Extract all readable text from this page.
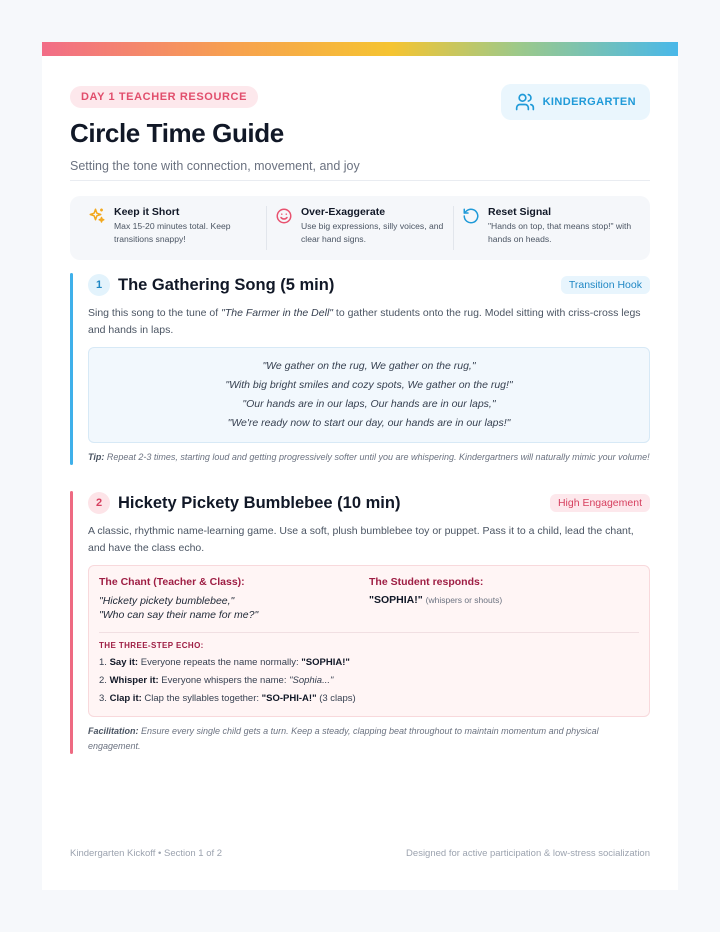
DAY 1 TEACHER RESOURCE
Circle Time Guide
Setting the tone with connection, movement, and joy
KINDERGARTEN
Keep it Short
Max 15-20 minutes total. Keep transitions snappy!
Over-Exaggerate
Use big expressions, silly voices, and clear hand signs.
Reset Signal
"Hands on top, that means stop!" with hands on heads.
1 The Gathering Song (5 min)	Transition Hook
Sing this song to the tune of "The Farmer in the Dell" to gather students onto the rug. Model sitting with criss-cross legs and hands in laps.
"We gather on the rug, We gather on the rug,"
"With big bright smiles and cozy spots, We gather on the rug!"
"Our hands are in our laps, Our hands are in our laps,"
"We're ready now to start our day, our hands are in our laps!"
Tip: Repeat 2-3 times, starting loud and getting progressively softer until you are whispering. Kindergartners will naturally mimic your volume!
2 Hickety Pickety Bumblebee (10 min)	High Engagement
A classic, rhythmic name-learning game. Use a soft, plush bumblebee toy or puppet. Pass it to a child, lead the chant, and have the class echo.
The Chant (Teacher & Class):
"Hickety pickety bumblebee,"
"Who can say their name for me?"
The Student responds:
"SOPHIA!" (whispers or shouts)
THE THREE-STEP ECHO:
1. Say it: Everyone repeats the name normally: "SOPHIA!"
2. Whisper it: Everyone whispers the name: "Sophia..."
3. Clap it: Clap the syllables together: "SO-PHI-A!" (3 claps)
Facilitation: Ensure every single child gets a turn. Keep a steady, clapping beat throughout to maintain momentum and physical engagement.
Kindergarten Kickoff • Section 1 of 2	Designed for active participation & low-stress socialization
